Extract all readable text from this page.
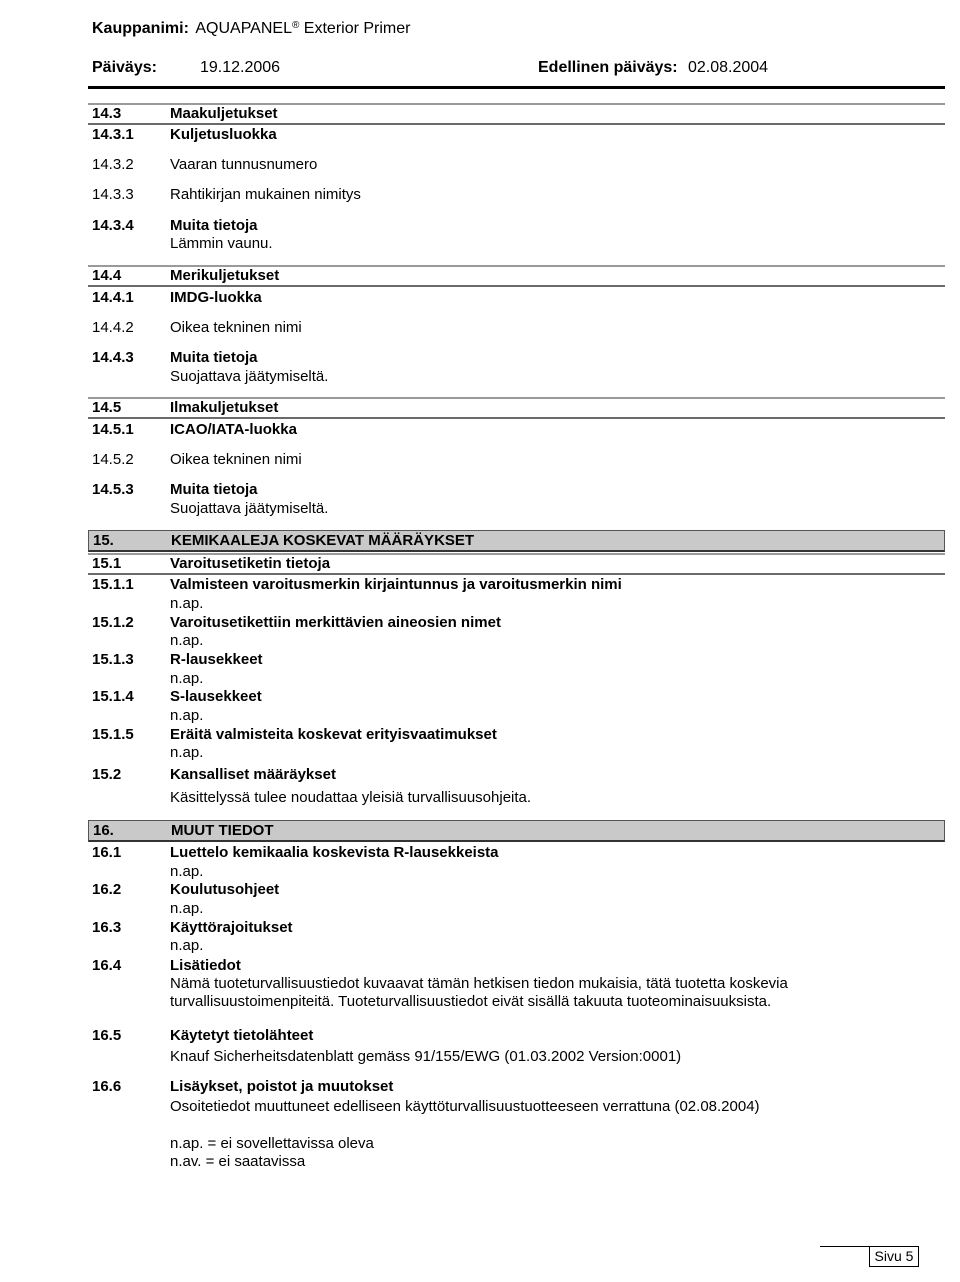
Kauppanimi: AQUAPANEL® Exterior Primer
Päiväys:	19.12.2006	Edellinen päiväys: 02.08.2004
14.3	Maakuljetukset
14.3.1 Kuljetusluokka
14.3.2 Vaaran tunnusnumero
14.3.3 Rahtikirjan mukainen nimitys
14.3.4 Muita tietoja
Lämmin vaunu.
14.4	Merikuljetukset
14.4.1 IMDG-luokka
14.4.2 Oikea tekninen nimi
14.4.3 Muita tietoja
Suojattava jäätymiseltä.
14.5	Ilmakuljetukset
14.5.1 ICAO/IATA-luokka
14.5.2 Oikea tekninen nimi
14.5.3 Muita tietoja
Suojattava jäätymiseltä.
15.	KEMIKAALEJA KOSKEVAT MÄÄRÄYKSET
15.1	Varoitusetiketin tietoja
15.1.1 Valmisteen varoitusmerkin kirjaintunnus ja varoitusmerkin nimi
n.ap.
15.1.2 Varoitusetikettiin merkittävien aineosien nimet
n.ap.
15.1.3 R-lausekkeet
n.ap.
15.1.4 S-lausekkeet
n.ap.
15.1.5 Eräitä valmisteita koskevat erityisvaatimukset
n.ap.
15.2	Kansalliset määräykset
Käsittelyssä tulee noudattaa yleisiä turvallisuusohjeita.
16.	MUUT TIEDOT
16.1	Luettelo kemikaalia koskevista R-lausekkeista
n.ap.
16.2	Koulutusohjeet
n.ap.
16.3	Käyttörajoitukset
n.ap.
16.4	Lisätiedot
Nämä tuoteturvallisuustiedot kuvaavat tämän hetkisen tiedon mukaisia, tätä tuotetta koskevia
turvallisuustoimenpiteitä. Tuoteturvallisuustiedot eivät sisällä takuuta tuoteominaisuuksista.
16.5	Käytetyt tietolähteet
Knauf Sicherheitsdatenblatt gemäss 91/155/EWG (01.03.2002 Version:0001)
16.6	Lisäykset, poistot ja muutokset
Osoitetiedot muuttuneet edelliseen käyttöturvallisuustuotteeseen verrattuna (02.08.2004)
n.ap. = ei sovellettavissa oleva
n.av. = ei saatavissa
Sivu 5
